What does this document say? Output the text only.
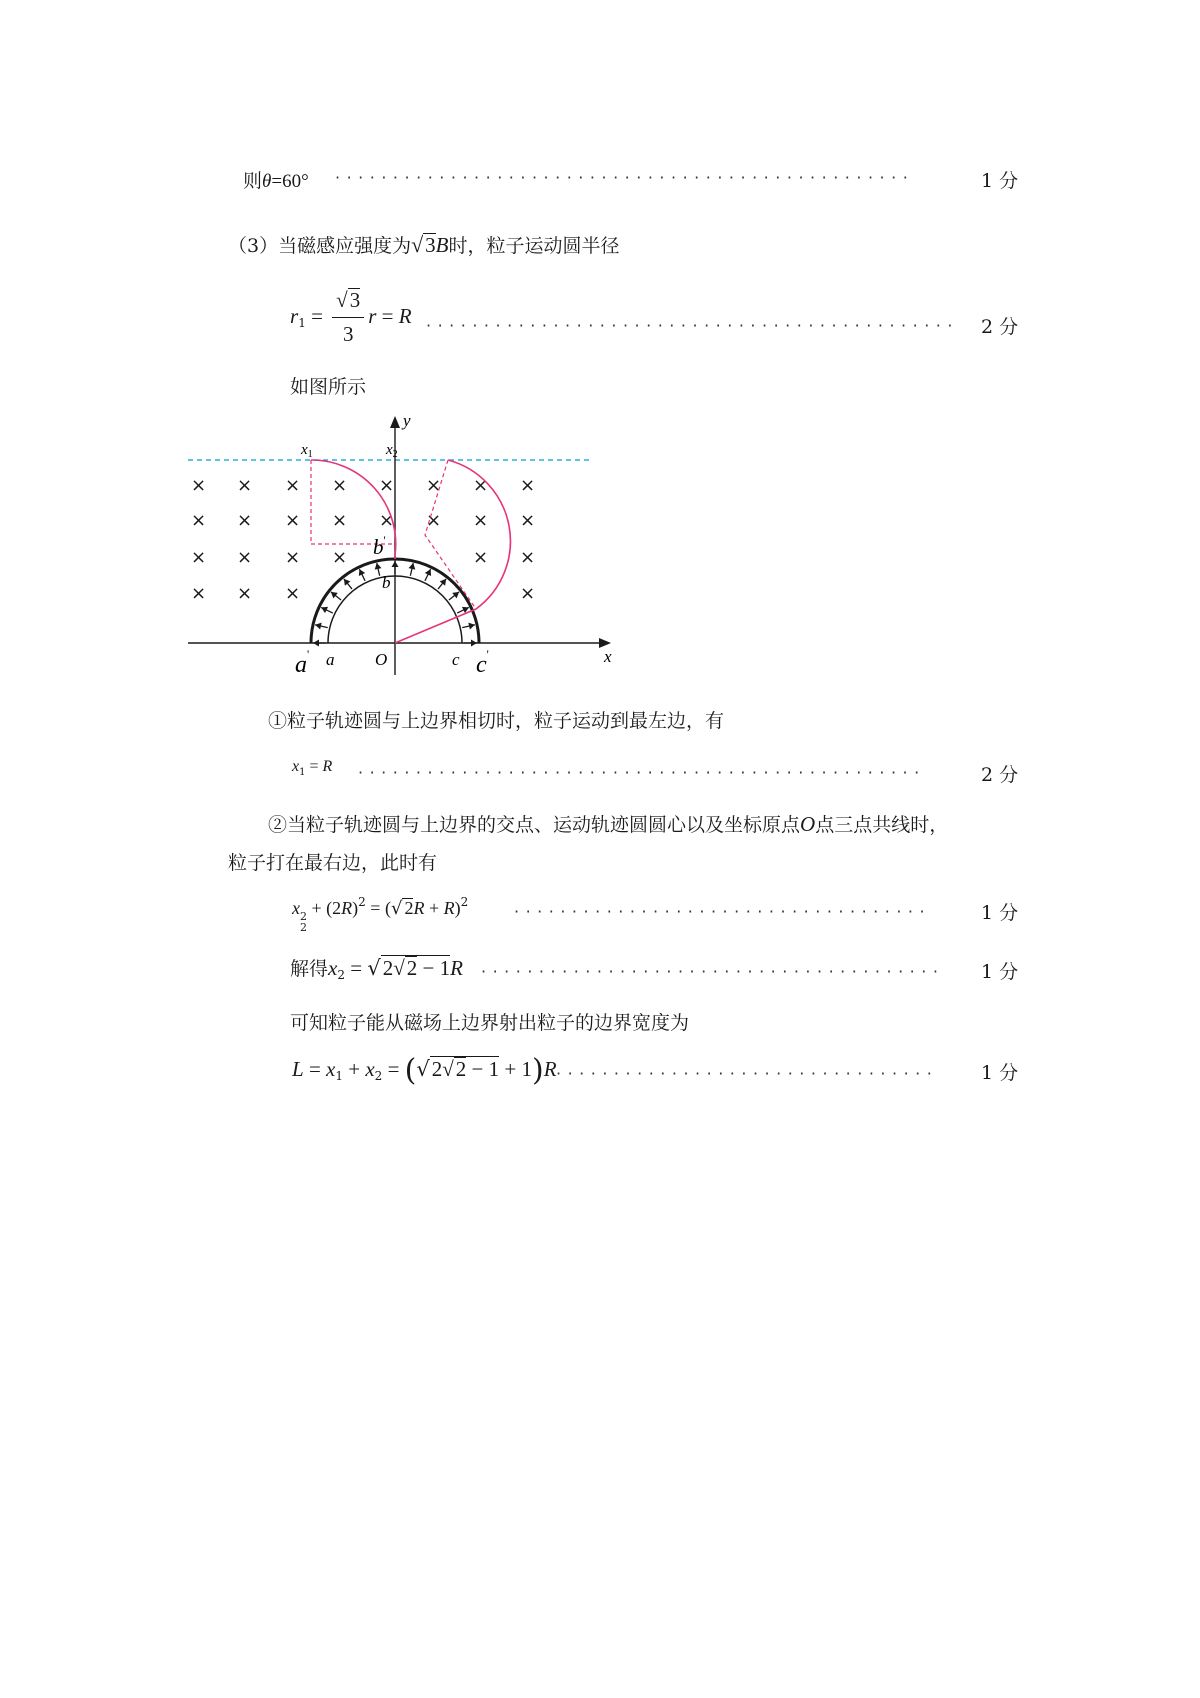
则θ=60° ··················································	1 分
（3）当磁感应强度为√3B时，粒子运动圆半径
$r_1 = \frac{√3}{3}$ r = R ·············································· 2 分
如图所示
× × × × × × × ×
× × × × × × × ×
× × × ×	× ×
× × ×	×
y
$x_1$	$x_2$
b'
b
a' a O	c c'	x
①粒子轨迹圆与上边界相切时，粒子运动到最左边，有
$x_1 = R$ ·················································	2 分
②当粒子轨迹圆与上边界的交点、运动轨迹圆圆心以及坐标原点O点三点共线时，
粒子打在最右边，此时有
x 2
2
+ $(2R)^2$ = (√ 2R + R)$^2$	····································	1 分
解得$x_2 = √2√2 - 1R$ ········································	1 分
可知粒子能从磁场上边界射出粒子的边界宽度为
$L = x_1 + x_2 = (√2√2 - 1 + 1)R$ ·································	1 分
